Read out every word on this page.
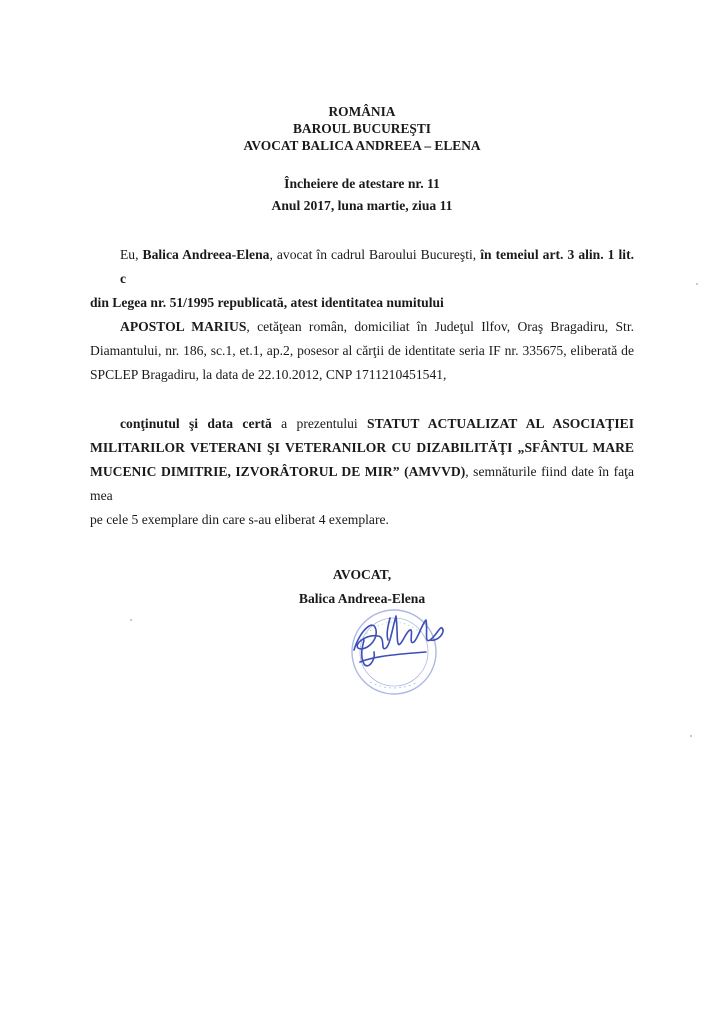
ROMÂNIA
BAROUL BUCUREŞTI
AVOCAT BALICA ANDREEA – ELENA
Încheiere de atestare nr. 11
Anul 2017, luna martie, ziua 11
Eu, Balica Andreea-Elena, avocat în cadrul Baroului Bucureşti, în temeiul art. 3 alin. 1 lit. c
din Legea nr. 51/1995 republicată, atest identitatea numitului
APOSTOL MARIUS, cetăţean român, domiciliat în Judeţul Ilfov, Oraş Bragadiru, Str.
Diamantului, nr. 186, sc.1, et.1, ap.2, posesor al cărţii de identitate seria IF nr. 335675, eliberată de
SPCLEP Bragadiru, la data de 22.10.2012, CNP 1711210451541,
conţinutul şi data certă a prezentului STATUT ACTUALIZAT AL ASOCIAŢIEI
MILITARILOR VETERANI ŞI VETERANILOR CU DIZABILITĂŢI „SFÂNTUL MARE
MUCENIC DIMITRIE, IZVORÂTORUL DE MIR” (AMVVD), semnăturile fiind date în faţa mea
pe cele 5 exemplare din care s-au eliberat 4 exemplare.
AVOCAT,
Balica Andreea-Elena
